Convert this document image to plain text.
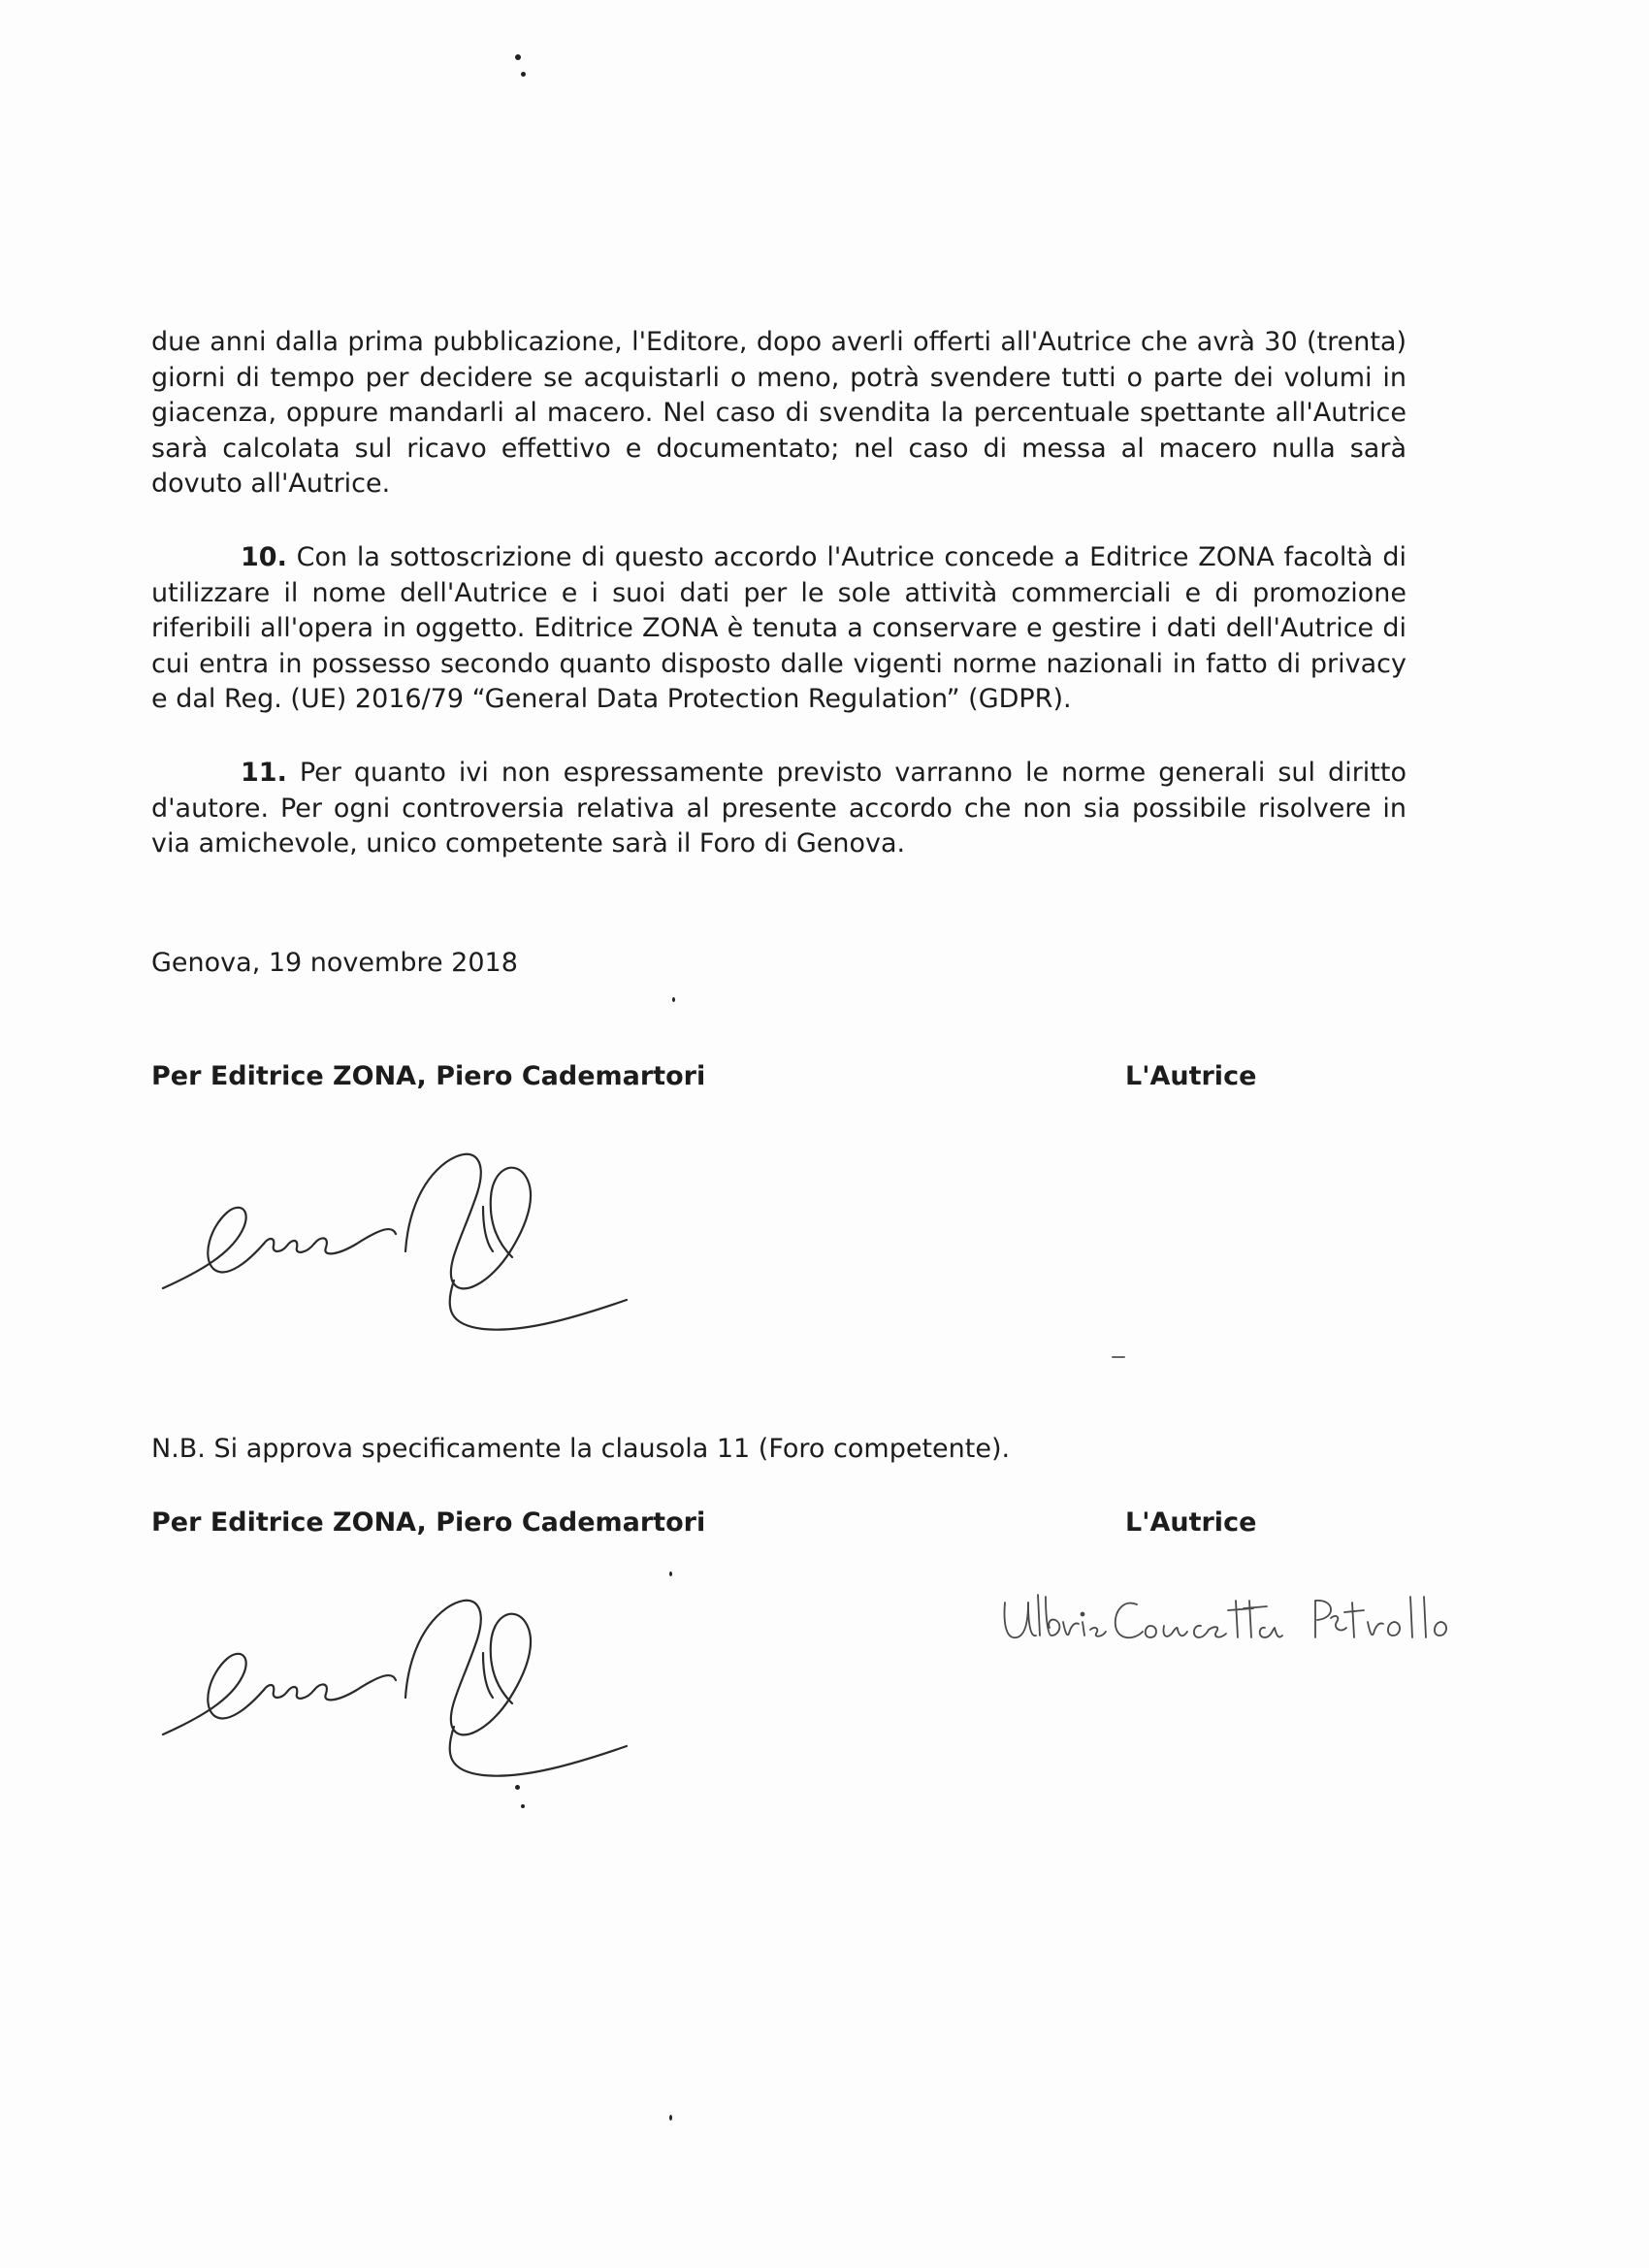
due anni dalla prima pubblicazione, l'Editore, dopo averli offerti all'Autrice che avrà 30 (trenta) giorni di tempo per decidere se acquistarli o meno, potrà svendere tutti o parte dei volumi in giacenza, oppure mandarli al macero. Nel caso di svendita la percentuale spettante all'Autrice sarà calcolata sul ricavo effettivo e documentato; nel caso di messa al macero nulla sarà dovuto all'Autrice.

10. Con la sottoscrizione di questo accordo l'Autrice concede a Editrice ZONA facoltà di utilizzare il nome dell'Autrice e i suoi dati per le sole attività commerciali e di promozione riferibili all'opera in oggetto. Editrice ZONA è tenuta a conservare e gestire i dati dell'Autrice di cui entra in possesso secondo quanto disposto dalle vigenti norme nazionali in fatto di privacy e dal Reg. (UE) 2016/79 “General Data Protection Regulation” (GDPR).

11. Per quanto ivi non espressamente previsto varranno le norme generali sul diritto d'autore. Per ogni controversia relativa al presente accordo che non sia possibile risolvere in via amichevole, unico competente sarà il Foro di Genova.

Genova, 19 novembre 2018

Per Editrice ZONA, Piero Cademartori	L'Autrice

N.B. Si approva specificamente la clausola 11 (Foro competente).

Per Editrice ZONA, Piero Cademartori	L'Autrice
